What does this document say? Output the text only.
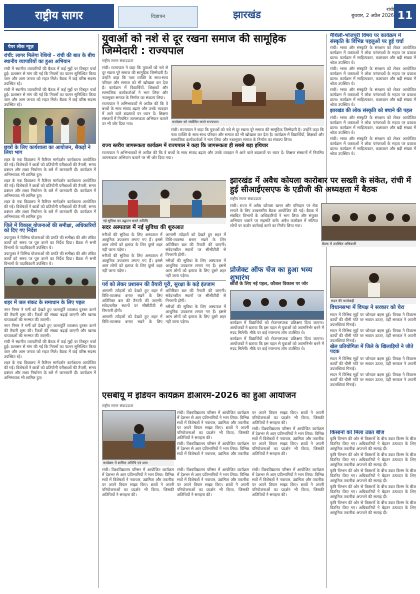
राष्ट्रीय सागर	विज्ञापन	झारखंड	रांची
बुधवार, 2 अप्रैल 2026 11
पेपर लीक न्यूज़
रांची: लागर मिलेगा रेशियो - रांची की बात के बीच स्थानीय व्यापारियों का हुआ अभियान

रांची में स्थानीय व्यापारियों की बैठक में कई मुद्दों पर विस्तृत चर्चा हुई। प्रशासन से मांग की गई कि नियमों का पालन सुनिश्चित किया जाए और आम जनता को राहत मिले। बैठक में कई वरिष्ठ सदस्य उपस्थित रहे।

रांची में स्थानीय व्यापारियों की बैठक में कई मुद्दों पर विस्तृत चर्चा हुई। प्रशासन से मांग की गई कि नियमों का पालन सुनिश्चित किया जाए और आम जनता को राहत मिले। बैठक में कई वरिष्ठ सदस्य उपस्थित रहे।

छात्रों के लिए कार्यशाला का आयोजन, सैकड़ों ने लिया भाग

शहर के एक विद्यालय में कैरियर मार्गदर्शन कार्यशाला आयोजित की गई। विशेषज्ञों ने छात्रों को प्रतियोगी परीक्षाओं की तैयारी, समय प्रबंधन और लक्ष्य निर्धारण के बारे में जानकारी दी। कार्यक्रम में अभिभावक भी शामिल हुए।

शहर के एक विद्यालय में कैरियर मार्गदर्शन कार्यशाला आयोजित की गई। विशेषज्ञों ने छात्रों को प्रतियोगी परीक्षाओं की तैयारी, समय प्रबंधन और लक्ष्य निर्धारण के बारे में जानकारी दी। कार्यक्रम में अभिभावक भी शामिल हुए।

शहर के एक विद्यालय में कैरियर मार्गदर्शन कार्यशाला आयोजित की गई। विशेषज्ञों ने छात्रों को प्रतियोगी परीक्षाओं की तैयारी, समय प्रबंधन और लक्ष्य निर्धारण के बारे में जानकारी दी। कार्यक्रम में अभिभावक भी शामिल हुए।

जिले में विकास योजनाओं की समीक्षा, अधिकारियों को दिए गए निर्देश

उपायुक्त ने विभिन्न योजनाओं की प्रगति की समीक्षा की और लंबित कार्यों को समय पर पूरा करने का निर्देश दिया। बैठक में सभी विभागों के पदाधिकारी उपस्थित थे।

उपायुक्त ने विभिन्न योजनाओं की प्रगति की समीक्षा की और लंबित कार्यों को समय पर पूरा करने का निर्देश दिया। बैठक में सभी विभागों के पदाधिकारी उपस्थित थे।

शहर में जल संकट के समाधान के लिए पहल

नगर निगम ने गर्मी को देखते हुए जलापूर्ति व्यवस्था दुरुस्त करने की तैयारी शुरू की। टैंकरों की संख्या बढ़ाई जाएगी और खराब चापाकलों की मरम्मत की जाएगी।

नगर निगम ने गर्मी को देखते हुए जलापूर्ति व्यवस्था दुरुस्त करने की तैयारी शुरू की। टैंकरों की संख्या बढ़ाई जाएगी और खराब चापाकलों की मरम्मत की जाएगी।

रांची में स्थानीय व्यापारियों की बैठक में कई मुद्दों पर विस्तृत चर्चा हुई। प्रशासन से मांग की गई कि नियमों का पालन सुनिश्चित किया जाए और आम जनता को राहत मिले। बैठक में कई वरिष्ठ सदस्य उपस्थित रहे।

शहर के एक विद्यालय में कैरियर मार्गदर्शन कार्यशाला आयोजित की गई। विशेषज्ञों ने छात्रों को प्रतियोगी परीक्षाओं की तैयारी, समय प्रबंधन और लक्ष्य निर्धारण के बारे में जानकारी दी। कार्यक्रम में अभिभावक भी शामिल हुए।

युवाओं को नशे से दूर रखना समाज की सामूहिक जिम्मेदारी : राज्यपाल
राष्ट्रीय सागर संवाददाता

रांची। राज्यपाल ने कहा कि युवाओं को नशे से दूर रखना पूरे समाज की सामूहिक जिम्मेदारी है। उन्होंने कहा कि नशा व्यक्ति के साथ-साथ परिवार और समाज को भी खोखला कर देता है। कार्यक्रम में विद्यार्थियों, शिक्षकों और सामाजिक कार्यकर्ताओं ने भाग लिया और नशामुक्त समाज के निर्माण का संकल्प लिया।

राज्यपाल ने अभिभावकों से अपील की कि वे बच्चों के साथ संवाद बढ़ाएं और उनके व्यवहार में आने वाले बदलावों पर ध्यान दें। शिक्षण संस्थानों में नियमित जागरूकता अभियान चलाने पर भी जोर दिया गया।	कार्यक्रम को संबोधित करते राज्यपाल

रांची। राज्यपाल ने कहा कि युवाओं को नशे से दूर रखना पूरे समाज की सामूहिक जिम्मेदारी है। उन्होंने कहा कि नशा व्यक्ति के साथ-साथ परिवार और समाज को भी खोखला कर देता है। कार्यक्रम में विद्यार्थियों, शिक्षकों और सामाजिक कार्यकर्ताओं ने भाग लिया और नशामुक्त समाज के निर्माण का संकल्प लिया।

राज्य स्तरीय जागरूकता कार्यक्रम में राज्यपाल ने कहा कि जागरूकता ही सबसे बड़ा हथियार

राज्यपाल ने अभिभावकों से अपील की कि वे बच्चों के साथ संवाद बढ़ाएं और उनके व्यवहार में आने वाले बदलावों पर ध्यान दें। शिक्षण संस्थानों में नियमित जागरूकता अभियान चलाने पर भी जोर दिया गया।

मैथिली-भोजपुरी विषय पर कार्यक्रम में संस्कृति के विभिन्न पहलुओं पर हुई चर्चा

रांची। भाषा और संस्कृति के संरक्षण को लेकर आयोजित कार्यक्रम में वक्ताओं ने लोक परंपराओं के महत्व पर प्रकाश डाला। कार्यक्रम में साहित्यकार, कलाकार और बड़ी संख्या में श्रोता उपस्थित थे।

रांची। भाषा और संस्कृति के संरक्षण को लेकर आयोजित कार्यक्रम में वक्ताओं ने लोक परंपराओं के महत्व पर प्रकाश डाला। कार्यक्रम में साहित्यकार, कलाकार और बड़ी संख्या में श्रोता उपस्थित थे।

रांची। भाषा और संस्कृति के संरक्षण को लेकर आयोजित कार्यक्रम में वक्ताओं ने लोक परंपराओं के महत्व पर प्रकाश डाला। कार्यक्रम में साहित्यकार, कलाकार और बड़ी संख्या में श्रोता उपस्थित थे।

झारखंड की लोक संस्कृति को बचाने की पहल

रांची। भाषा और संस्कृति के संरक्षण को लेकर आयोजित कार्यक्रम में वक्ताओं ने लोक परंपराओं के महत्व पर प्रकाश डाला। कार्यक्रम में साहित्यकार, कलाकार और बड़ी संख्या में श्रोता उपस्थित थे।

रांची। भाषा और संस्कृति के संरक्षण को लेकर आयोजित कार्यक्रम में वक्ताओं ने लोक परंपराओं के महत्व पर प्रकाश डाला। कार्यक्रम में साहित्यकार, कलाकार और बड़ी संख्या में श्रोता उपस्थित थे।

झारखंड में अवैध कोयला कारोबार पर सख्ती के संकेत, रांची में हुई सीआईएसएफ के एडीजी की अध्यक्षता में बैठक
राष्ट्रीय सागर संवाददाता

रांची। राज्य में अवैध कोयला खनन और परिवहन पर रोक लगाने के लिए उच्चस्तरीय बैठक आयोजित की गई। बैठक में संबंधित विभागों के अधिकारियों ने भाग लिया और संयुक्त अभियान चलाने पर सहमति बनी। अवैध कारोबार में संलिप्त लोगों पर कठोर कार्रवाई करने का निर्णय लिया गया।

बैठक में उपस्थित अधिकारी
नई सुविधा का उद्घाटन करते अतिथि
सदर अस्पताल में नई सुविधा की शुरुआत

मरीजों की सुविधा के लिए अस्पताल में आधुनिक उपकरण लगाए गए हैं। इससे आम लोगों को इलाज के लिए दूसरे शहर नहीं जाना पड़ेगा।

मरीजों की सुविधा के लिए अस्पताल में आधुनिक उपकरण लगाए गए हैं। इससे आम लोगों को इलाज के लिए दूसरे शहर नहीं जाना पड़ेगा।

आगामी त्योहारों को देखते हुए शहर में विधि-व्यवस्था बनाए रखने के लिए अतिरिक्त बल की तैनाती की जाएगी। संवेदनशील स्थानों पर सीसीटीवी से निगरानी होगी।

मरीजों की सुविधा के लिए अस्पताल में आधुनिक उपकरण लगाए गए हैं। इससे आम लोगों को इलाज के लिए दूसरे शहर नहीं जाना पड़ेगा।

पर्व को लेकर प्रशासन की तैयारी पूरी, सुरक्षा के कड़े इंतजाम

आगामी त्योहारों को देखते हुए शहर में विधि-व्यवस्था बनाए रखने के लिए अतिरिक्त बल की तैनाती की जाएगी। संवेदनशील स्थानों पर सीसीटीवी से निगरानी होगी।

आगामी त्योहारों को देखते हुए शहर में विधि-व्यवस्था बनाए रखने के लिए अतिरिक्त बल की तैनाती की जाएगी। संवेदनशील स्थानों पर सीसीटीवी से निगरानी होगी।

मरीजों की सुविधा के लिए अस्पताल में आधुनिक उपकरण लगाए गए हैं। इससे आम लोगों को इलाज के लिए दूसरे शहर नहीं जाना पड़ेगा।

प्रोजेक्ट ऑफ चेंज का हुआ भव्य शुभारंभ
छात्रों के लिए नई पहल, कौशल विकास पर जोर

कार्यक्रम में विद्यार्थियों को रोजगारपरक प्रशिक्षण दिया जाएगा। आयोजकों ने बताया कि इस पहल से युवाओं को आत्मनिर्भर बनने में मदद मिलेगी। मौके पर कई गणमान्य लोग उपस्थित थे।

कार्यक्रम में विद्यार्थियों को रोजगारपरक प्रशिक्षण दिया जाएगा। आयोजकों ने बताया कि इस पहल से युवाओं को आत्मनिर्भर बनने में मदद मिलेगी। मौके पर कई गणमान्य लोग उपस्थित थे।

सदन की कार्यवाही
विधानसभा में विपक्ष ने सरकार को घेरा

सदन में विभिन्न मुद्दों पर जोरदार बहस हुई। विपक्ष ने विकास कार्यों की धीमी गति पर सवाल उठाए, वहीं सरकार ने अपनी उपलब्धियां गिनाईं।

सदन में विभिन्न मुद्दों पर जोरदार बहस हुई। विपक्ष ने विकास कार्यों की धीमी गति पर सवाल उठाए, वहीं सरकार ने अपनी उपलब्धियां गिनाईं।

खेल प्रतियोगिता में जिले के खिलाड़ियों ने जीते पदक

सदन में विभिन्न मुद्दों पर जोरदार बहस हुई। विपक्ष ने विकास कार्यों की धीमी गति पर सवाल उठाए, वहीं सरकार ने अपनी उपलब्धियां गिनाईं।

सदन में विभिन्न मुद्दों पर जोरदार बहस हुई। विपक्ष ने विकास कार्यों की धीमी गति पर सवाल उठाए, वहीं सरकार ने अपनी उपलब्धियां गिनाईं।

एसबीयू में इंडियन कार्यक्रम डीआरम-2026 का हुआ आयोजन
राष्ट्रीय सागर संवाददाता
कार्यक्रम में शामिल अतिथि एवं छात्र

रांची। विश्वविद्यालय परिसर में आयोजित कार्यक्रम में देशभर से आए प्रतिभागियों ने भाग लिया। विभिन्न सत्रों में विशेषज्ञों ने नवाचार, उद्यमिता और तकनीक पर अपने विचार साझा किए। छात्रों ने अपनी परियोजनाओं का प्रदर्शन भी किया, जिसकी अतिथियों ने सराहना की।

रांची। विश्वविद्यालय परिसर में आयोजित कार्यक्रम में देशभर से आए प्रतिभागियों ने भाग लिया। विभिन्न सत्रों में विशेषज्ञों ने नवाचार, उद्यमिता और तकनीक पर अपने विचार साझा किए। छात्रों ने अपनी परियोजनाओं का प्रदर्शन भी किया, जिसकी अतिथियों ने सराहना की।

रांची। विश्वविद्यालय परिसर में आयोजित कार्यक्रम में देशभर से आए प्रतिभागियों ने भाग लिया। विभिन्न सत्रों में विशेषज्ञों ने नवाचार, उद्यमिता और तकनीक पर अपने विचार साझा किए। छात्रों ने अपनी परियोजनाओं का प्रदर्शन भी किया, जिसकी अतिथियों ने सराहना की।

रांची। विश्वविद्यालय परिसर में आयोजित कार्यक्रम में देशभर से आए प्रतिभागियों ने भाग लिया। विभिन्न सत्रों में विशेषज्ञों ने नवाचार, उद्यमिता और तकनीक पर अपने विचार साझा किए। छात्रों ने अपनी परियोजनाओं का प्रदर्शन भी किया, जिसकी अतिथियों ने सराहना की।

रांची। विश्वविद्यालय परिसर में आयोजित कार्यक्रम में देशभर से आए प्रतिभागियों ने भाग लिया। विभिन्न सत्रों में विशेषज्ञों ने नवाचार, उद्यमिता और तकनीक पर अपने विचार साझा किए। छात्रों ने अपनी परियोजनाओं का प्रदर्शन भी किया, जिसकी अतिथियों ने सराहना की।

रांची। विश्वविद्यालय परिसर में आयोजित कार्यक्रम में देशभर से आए प्रतिभागियों ने भाग लिया। विभिन्न सत्रों में विशेषज्ञों ने नवाचार, उद्यमिता और तकनीक पर अपने विचार साझा किए। छात्रों ने अपनी परियोजनाओं का प्रदर्शन भी किया, जिसकी अतिथियों ने सराहना की।

किसानों को मिला उन्नत बीज

कृषि विभाग की ओर से किसानों के बीच उन्नत किस्म के बीज वितरित किए गए। अधिकारियों ने बेहतर उत्पादन के लिए आधुनिक तकनीक अपनाने की सलाह दी।

कृषि विभाग की ओर से किसानों के बीच उन्नत किस्म के बीज वितरित किए गए। अधिकारियों ने बेहतर उत्पादन के लिए आधुनिक तकनीक अपनाने की सलाह दी।

कृषि विभाग की ओर से किसानों के बीच उन्नत किस्म के बीज वितरित किए गए। अधिकारियों ने बेहतर उत्पादन के लिए आधुनिक तकनीक अपनाने की सलाह दी।

कृषि विभाग की ओर से किसानों के बीच उन्नत किस्म के बीज वितरित किए गए। अधिकारियों ने बेहतर उत्पादन के लिए आधुनिक तकनीक अपनाने की सलाह दी।

कृषि विभाग की ओर से किसानों के बीच उन्नत किस्म के बीज वितरित किए गए। अधिकारियों ने बेहतर उत्पादन के लिए आधुनिक तकनीक अपनाने की सलाह दी।
